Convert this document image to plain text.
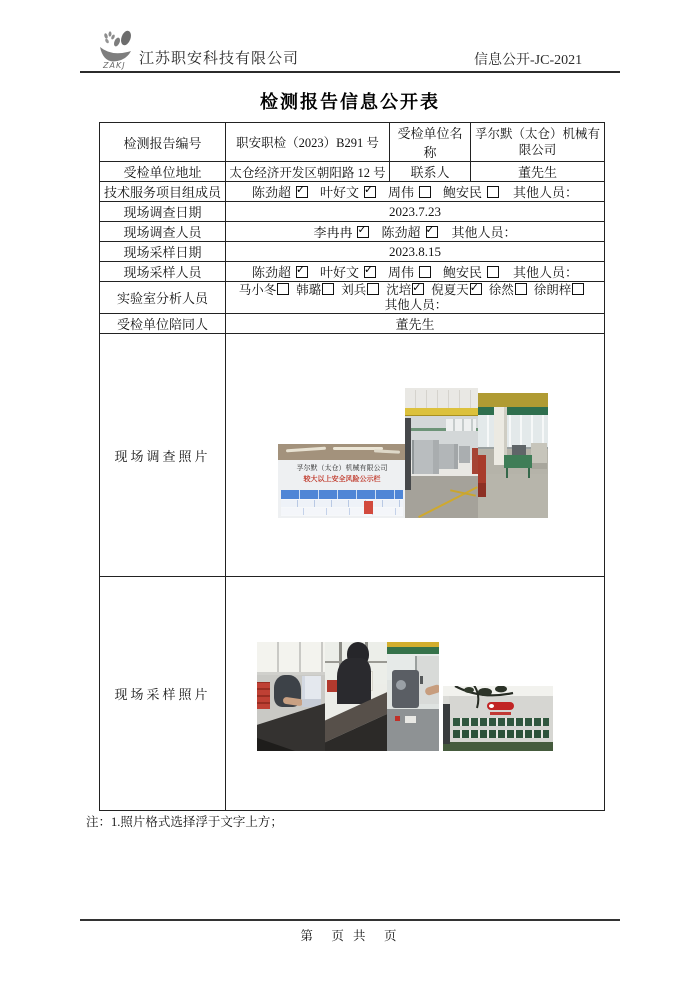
ZAKJ 江苏职安科技有限公司	信息公开-JC-2021
检测报告信息公开表
检测报告编号	职安职检（2023）B291 号	受检单位名称	孚尔默（太仓）机械有限公司
受检单位地址	太仓经济开发区朝阳路 12 号	联系人	董先生
技术服务项目组成员	陈劲超 ✓ 叶好文 ✓ 周伟 鲍安民 其他人员：
现场调查日期	2023.7.23		
现场调查人员	李冉冉 ✓ 陈劲超 ✓ 其他人员：
现场采样日期	2023.8.15		
现场采样人员	陈劲超 ✓ 叶好文 ✓ 周伟 鲍安民 其他人员：
实验室分析人员	马小冬 韩璐 刘兵 沈培 ✓ 倪夏天 ✓ 徐然 徐朗梓
其他人员：
受检单位陪同人	董先生		
现场调查照片	孚尔默（太仓）机械有限公司
较大以上安全风险公示栏		

现场采样照片	
注：1.照片格式选择浮于文字上方；
第　页 共　页
